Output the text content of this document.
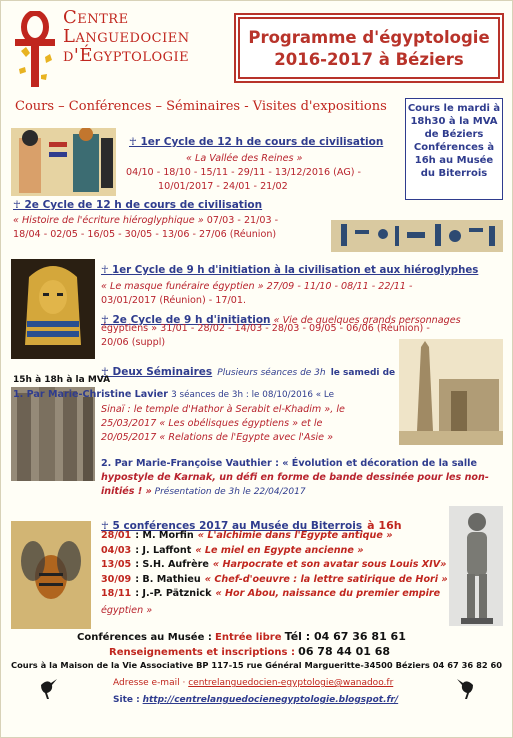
Centre
Languedocien
d'Égyptologie
Programme d'égyptologie
2016-2017 à Béziers
Cours – Conférences – Séminaires - Visites d'expositions Cours le mardi à 18h30 à la MVA de Béziers Conférences à 16h au Musée du Biterrois
☥ 1er Cycle de 12 h de cours de civilisation
« La Vallée des Reines »
04/10 - 18/10 - 15/11 - 29/11 - 13/12/2016 (AG) -
10/01/2017 - 24/01 - 21/02
☥ 2e Cycle de 12 h de cours de civilisation
« Histoire de l'écriture hiéroglyphique » 07/03 - 21/03 -
18/04 - 02/05 - 16/05 - 30/05 - 13/06 - 27/06 (Réunion)
☥ 1er Cycle de 9 h d'initiation à la civilisation et aux hiéroglyphes
« Le masque funéraire égyptien » 27/09 - 11/10 - 08/11 - 22/11 -
03/01/2017 (Réunion) - 17/01.
☥ 2e Cycle de 9 h d'initiation « Vie de quelques grands personnages
égyptiens » 31/01 - 28/02 - 14/03 - 28/03 - 09/05 - 06/06 (Réunion) -
20/06 (suppl)
☥ Deux Séminaires Plusieurs séances de 3h le samedi de
15h à 18h à la MVA
1. Par Marie-Christine Lavier 3 séances de 3h : le 08/10/2016 « Le
Sinaï : le temple d'Hathor à Serabit el-Khadim », le
25/03/2017 « Les obélisques égyptiens » et le
20/05/2017 « Relations de l'Egypte avec l'Asie »
2. Par Marie-Françoise Vauthier : « Évolution et décoration de la salle
hypostyle de Karnak, un défi en forme de bande dessinée pour les non-
initiés ! » Présentation de 3h le 22/04/2017
☥ 5 conférences 2017 au Musée du Biterrois à 16h
28/01 : M. Morfin « L'alchimie dans l'Egypte antique »
04/03 : J. Laffont « Le miel en Egypte ancienne »
13/05 : S.H. Aufrère « Harpocrate et son avatar sous Louis XIV»
30/09 : B. Mathieu « Chef-d'oeuvre : la lettre satirique de Hori »
18/11 : J.-P. Pätznick « Hor Abou, naissance du premier empire
égyptien »
Conférences au Musée : Entrée libre Tél : 04 67 36 81 61
Renseignements et inscriptions : 06 78 44 01 68
Cours à la Maison de la Vie Associative BP 117-15 rue Général Margueritte-34500 Béziers 04 67 36 82 60
Adresse e-mail · centrelanguedocien-egyptologie@wanadoo.fr
Site : http://centrelanguedocienegyptologie.blogspot.fr/
